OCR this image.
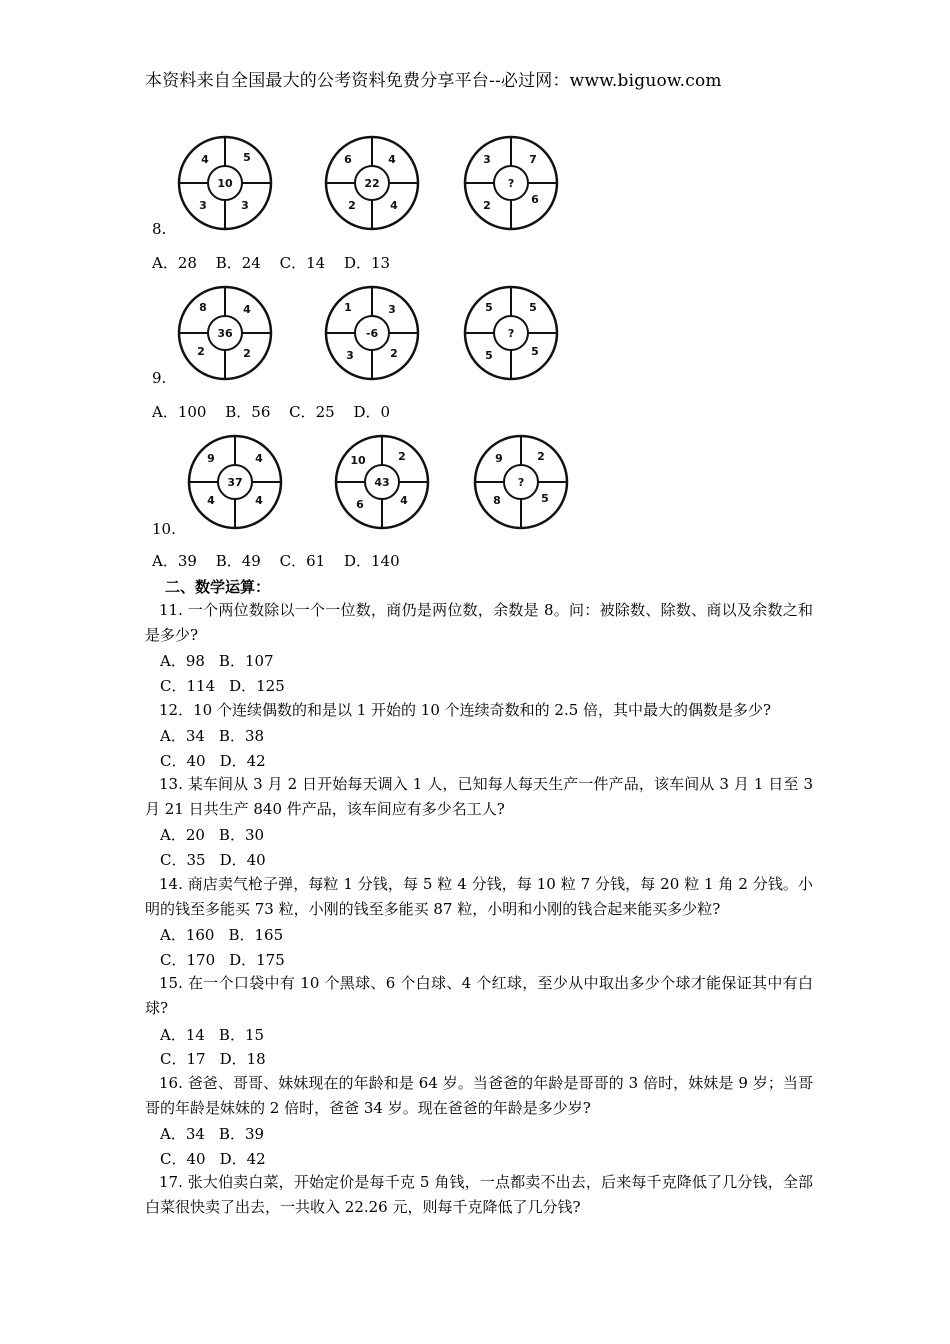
本资料来自全国最大的公考资料免费分享平台--必过网：www.biguow.com
10
4	5
3	3
22
6	4
2	4
?
3	7
2	6
8.
A．28 B．24 C．14 D．13
36
8	4
2	2
-6
1	3
3	2
?
5	5
5	5
9.
A．100 B．56 C．25 D．0
37
9	4
4	4
43
10	2
6	4
?
9	2
8	5
10.
A．39 B．49 C．61 D．140
二、数学运算：
11. 一个两位数除以一个一位数，商仍是两位数，余数是 8。问：被除数、除数、商以及余数之和是多少?
A．98 B．107
C．114 D．125
12．10 个连续偶数的和是以 1 开始的 10 个连续奇数和的 2.5 倍，其中最大的偶数是多少?
A．34 B．38
C．40 D．42
13. 某车间从 3 月 2 日开始每天调入 1 人，已知每人每天生产一件产品，该车间从 3 月 1 日至 3 月 21 日共生产 840 件产品，该车间应有多少名工人?
A．20 B．30
C．35 D．40
14. 商店卖气枪子弹，每粒 1 分钱，每 5 粒 4 分钱，每 10 粒 7 分钱，每 20 粒 1 角 2 分钱。小明的钱至多能买 73 粒，小刚的钱至多能买 87 粒，小明和小刚的钱合起来能买多少粒?
A．160 B．165
C．170 D．175
15. 在一个口袋中有 10 个黑球、6 个白球、4 个红球，至少从中取出多少个球才能保证其中有白球?
A．14 B．15
C．17 D．18
16. 爸爸、哥哥、妹妹现在的年龄和是 64 岁。当爸爸的年龄是哥哥的 3 倍时，妹妹是 9 岁；当哥哥的年龄是妹妹的 2 倍时，爸爸 34 岁。现在爸爸的年龄是多少岁?
A．34 B．39
C．40 D．42
17. 张大伯卖白菜，开始定价是每千克 5 角钱，一点都卖不出去，后来每千克降低了几分钱，全部白菜很快卖了出去，一共收入 22.26 元，则每千克降低了几分钱?
